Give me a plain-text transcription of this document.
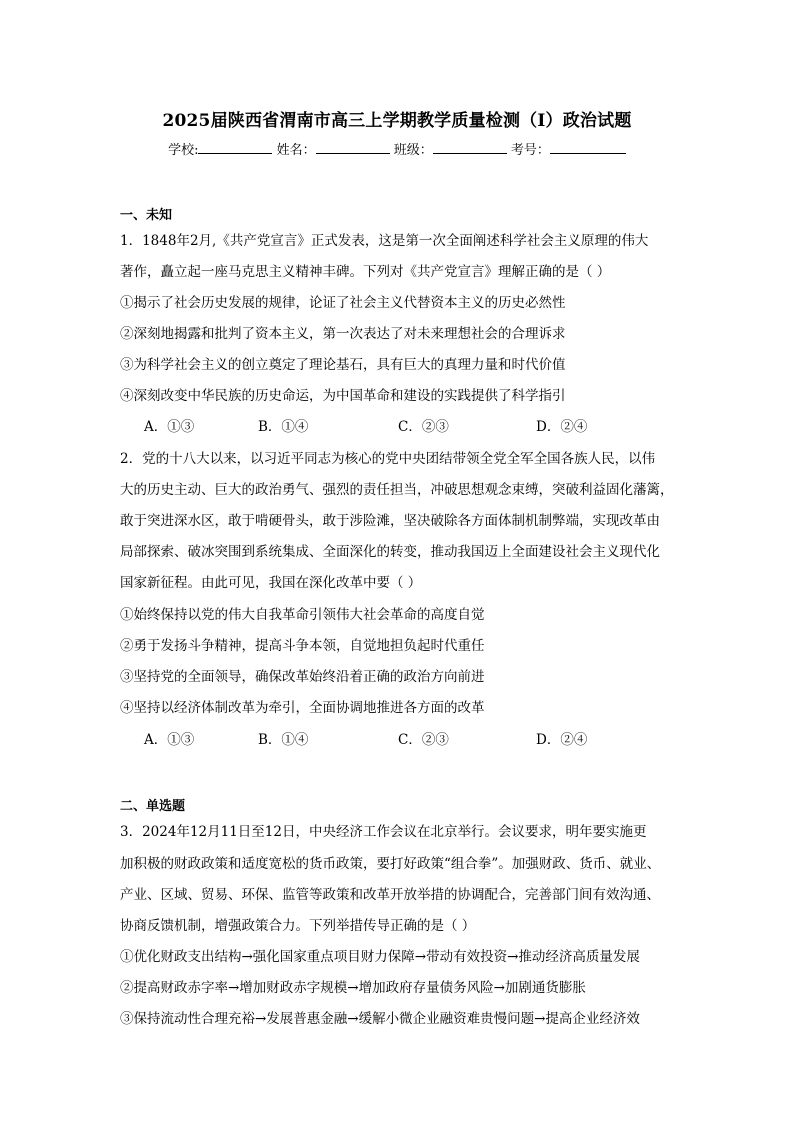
2025届陕西省渭南市高三上学期教学质量检测（Ⅰ）政治试题
学校:	姓名：	班级：	考号：
一、未知
1．1848年2月,《共产党宣言》正式发表，这是第一次全面阐述科学社会主义原理的伟大
著作，矗立起一座马克思主义精神丰碑。下列对《共产党宣言》理解正确的是（ ）
①揭示了社会历史发展的规律，论证了社会主义代替资本主义的历史必然性
②深刻地揭露和批判了资本主义，第一次表达了对未来理想社会的合理诉求
③为科学社会主义的创立奠定了理论基石，具有巨大的真理力量和时代价值
④深刻改变中华民族的历史命运，为中国革命和建设的实践提供了科学指引
A．①③	B．①④	C．②③	D．②④
2．党的十八大以来，以习近平同志为核心的党中央团结带领全党全军全国各族人民，以伟
大的历史主动、巨大的政治勇气、强烈的责任担当，冲破思想观念束缚，突破利益固化藩篱，
敢于突进深水区，敢于啃硬骨头，敢于涉险滩，坚决破除各方面体制机制弊端，实现改革由
局部探索、破冰突围到系统集成、全面深化的转变，推动我国迈上全面建设社会主义现代化
国家新征程。由此可见，我国在深化改革中要（ ）
①始终保持以党的伟大自我革命引领伟大社会革命的高度自觉
②勇于发扬斗争精神，提高斗争本领，自觉地担负起时代重任
③坚持党的全面领导，确保改革始终沿着正确的政治方向前进
④坚持以经济体制改革为牵引，全面协调地推进各方面的改革
A．①③	B．①④	C．②③	D．②④
二、单选题
3．2024年12月11日至12日，中央经济工作会议在北京举行。会议要求，明年要实施更
加积极的财政政策和适度宽松的货币政策，要打好政策“组合拳”。加强财政、货币、就业、
产业、区域、贸易、环保、监管等政策和改革开放举措的协调配合，完善部门间有效沟通、
协商反馈机制，增强政策合力。下列举措传导正确的是（ ）
①优化财政支出结构→强化国家重点项目财力保障→带动有效投资→推动经济高质量发展
②提高财政赤字率→增加财政赤字规模→增加政府存量债务风险→加剧通货膨胀
③保持流动性合理充裕→发展普惠金融→缓解小微企业融资难贵慢问题→提高企业经济效
